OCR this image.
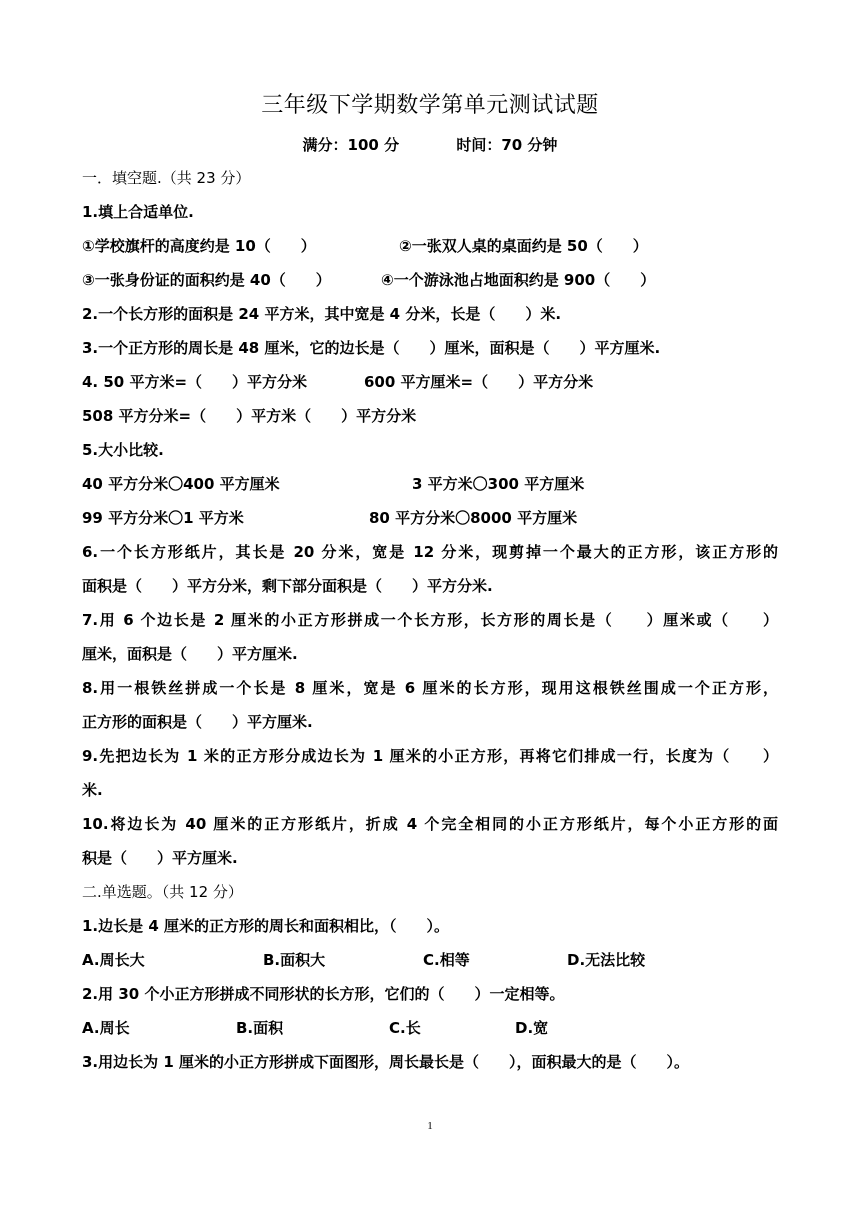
三年级下学期数学第单元测试试题
满分：100 分	时间：70 分钟
一．填空题.（共 23 分）
1.填上合适单位.
①学校旗杆的高度约是 10（　　）	②一张双人桌的桌面约是 50（　　）
③一张身份证的面积约是 40（　　）	④一个游泳池占地面积约是 900（　　）
2.一个长方形的面积是 24 平方米，其中宽是 4 分米，长是（　　）米.
3.一个正方形的周长是 48 厘米，它的边长是（　　）厘米，面积是（　　）平方厘米.
4. 50 平方米=（　　）平方分米	600 平方厘米=（　　）平方分米
508 平方分米=（　　）平方米（　　）平方分米
5.大小比较.
40 平方分米〇400 平方厘米	3 平方米〇300 平方厘米
99 平方分米〇1 平方米	80 平方分米〇8000 平方厘米
6.一个长方形纸片，其长是 20 分米，宽是 12 分米，现剪掉一个最大的正方形，该正方形的
面积是（　　）平方分米，剩下部分面积是（　　）平方分米.
7.用 6 个边长是 2 厘米的小正方形拼成一个长方形，长方形的周长是（　　）厘米或（　　）
厘米，面积是（　　）平方厘米.
8.用一根铁丝拼成一个长是 8 厘米，宽是 6 厘米的长方形，现用这根铁丝围成一个正方形，
正方形的面积是（　　）平方厘米.
9.先把边长为 1 米的正方形分成边长为 1 厘米的小正方形，再将它们排成一行，长度为（　　）
米.
10.将边长为 40 厘米的正方形纸片，折成 4 个完全相同的小正方形纸片，每个小正方形的面
积是（　　）平方厘米.
二.单选题。（共 12 分）
1.边长是 4 厘米的正方形的周长和面积相比，（　　）。
A.周长大	B.面积大	C.相等	D.无法比较
2.用 30 个小正方形拼成不同形状的长方形，它们的（　　）一定相等。
A.周长	B.面积	C.长	D.宽
3.用边长为 1 厘米的小正方形拼成下面图形，周长最长是（　　），面积最大的是（　　）。
1
